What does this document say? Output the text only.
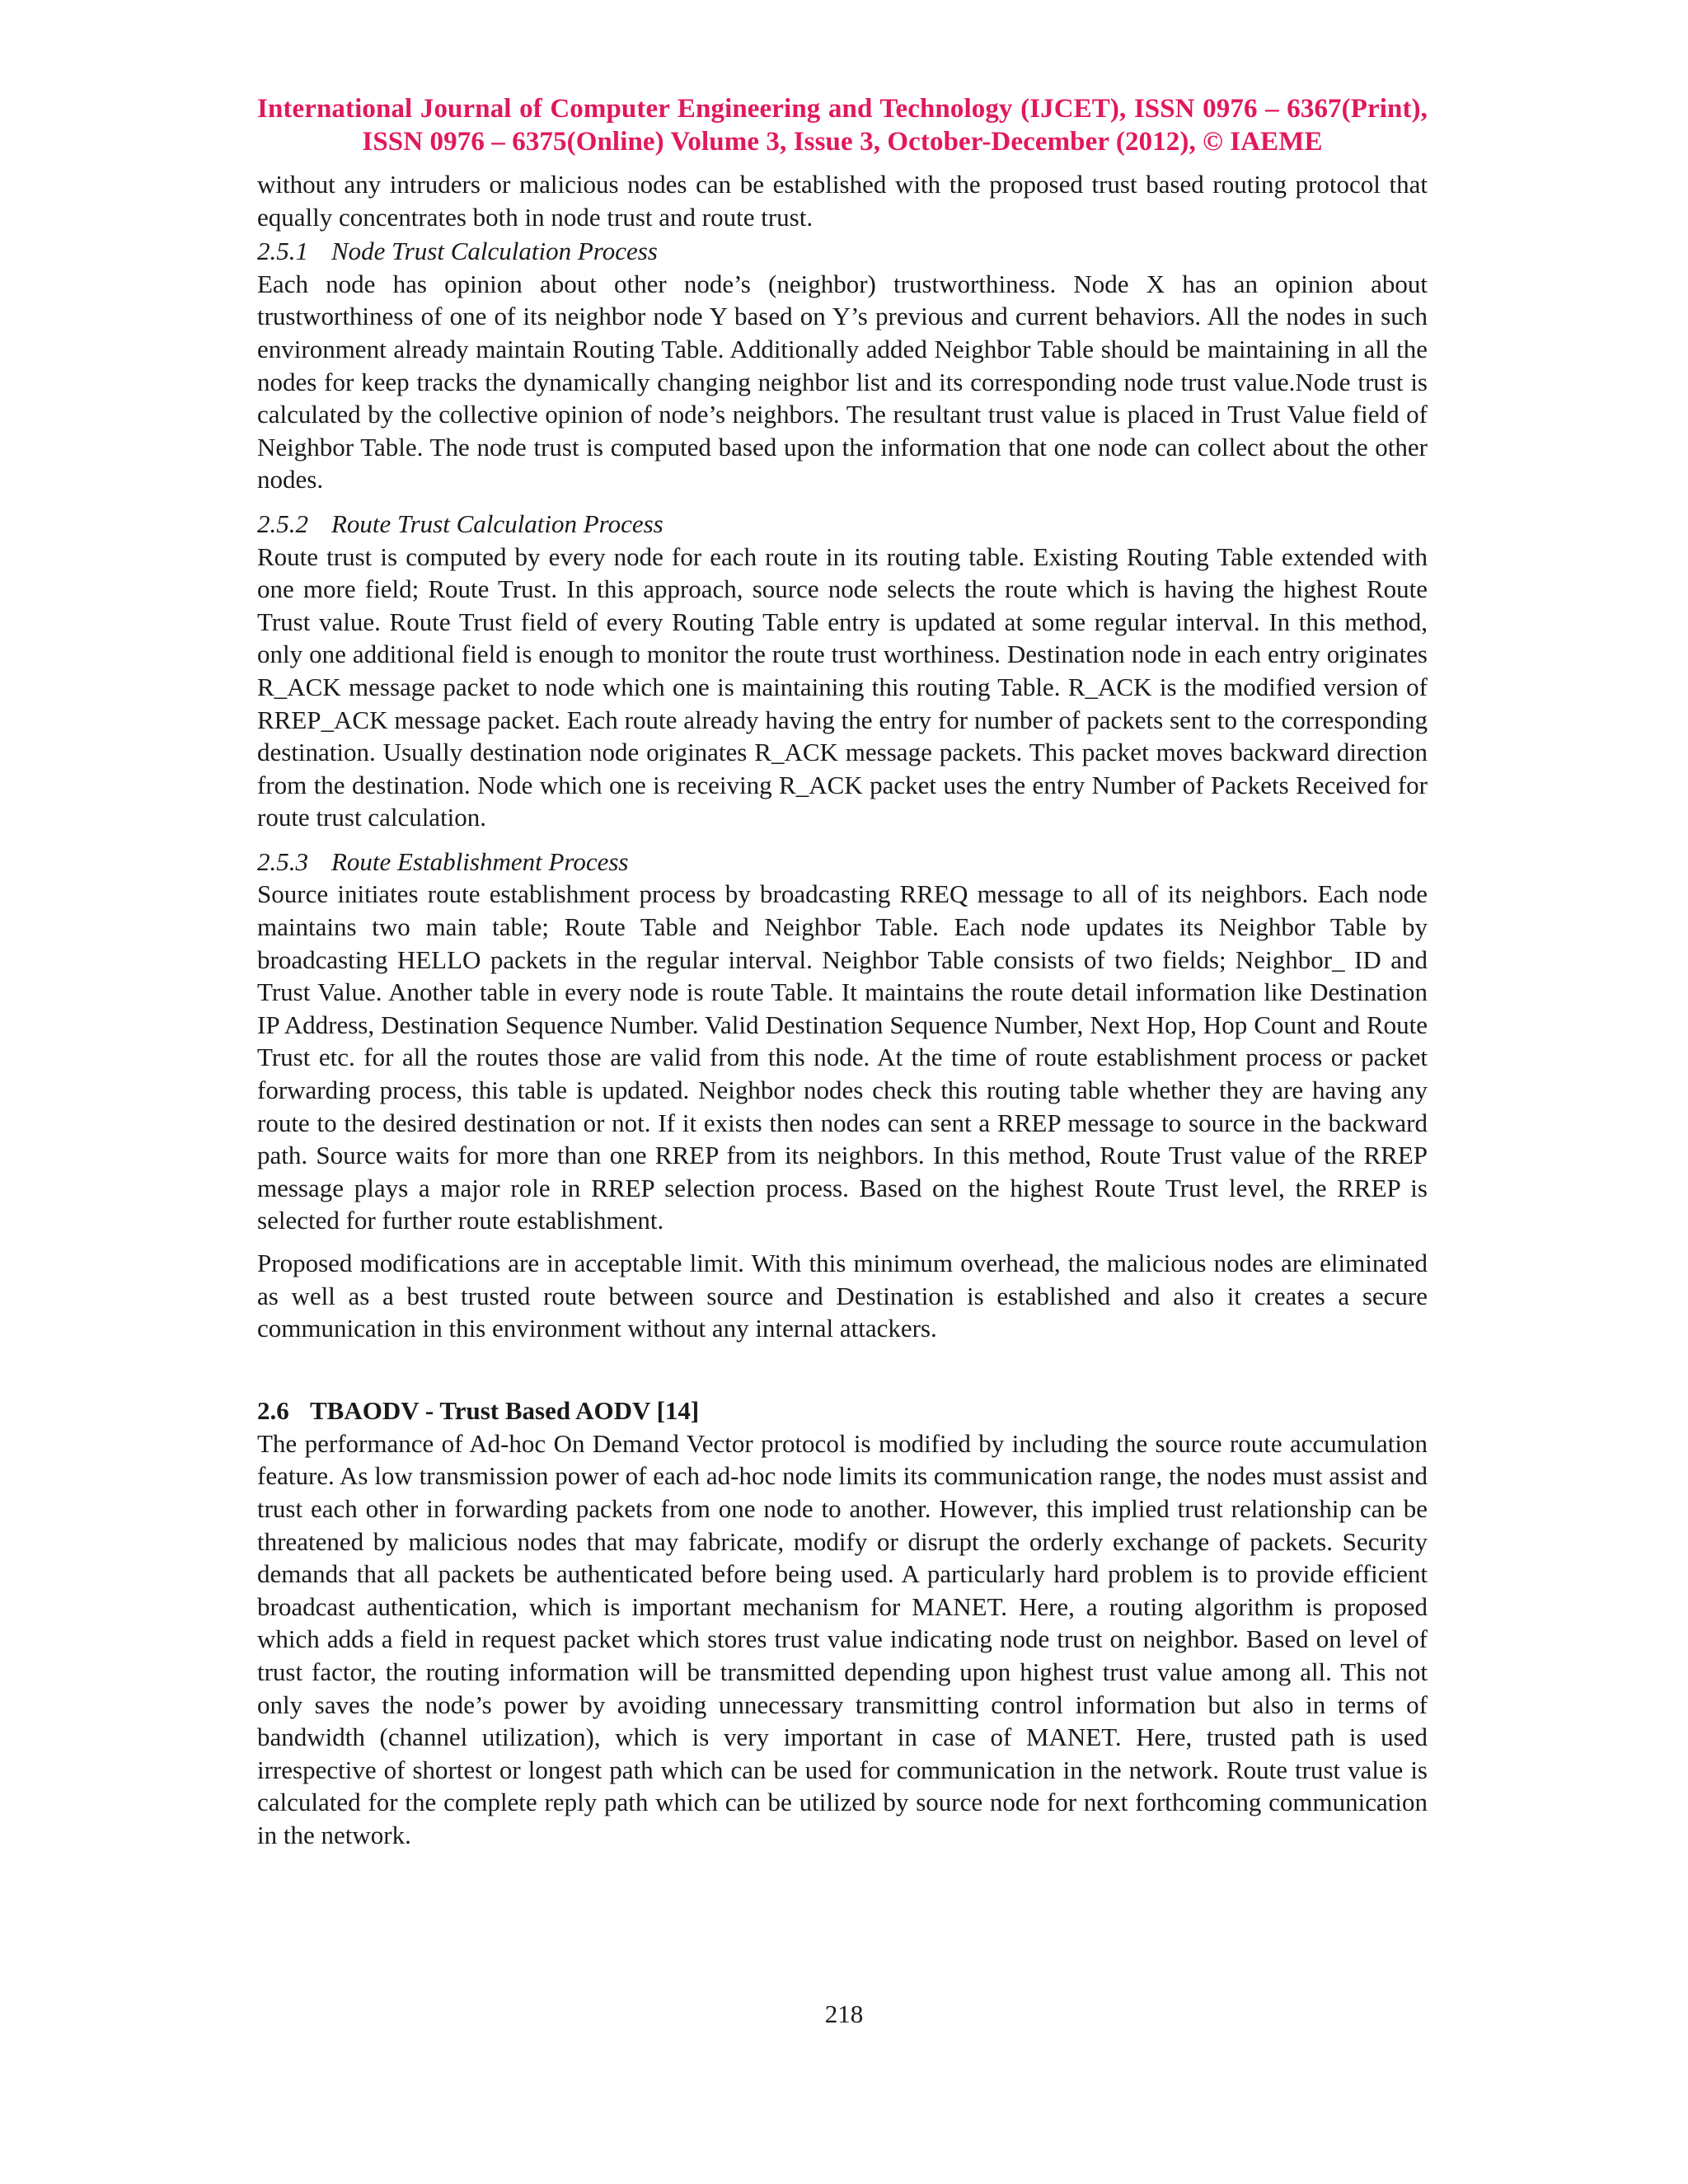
International Journal of Computer Engineering and Technology (IJCET), ISSN 0976 – 6367(Print), ISSN 0976 – 6375(Online) Volume 3, Issue 3, October-December (2012), © IAEME

without any intruders or malicious nodes can be established with the proposed trust based routing protocol that equally concentrates both in node trust and route trust.

2.5.1 Node Trust Calculation Process

Each node has opinion about other node’s (neighbor) trustworthiness. Node X has an opinion about trustworthiness of one of its neighbor node Y based on Y’s previous and current behaviors. All the nodes in such environment already maintain Routing Table. Additionally added Neighbor Table should be maintaining in all the nodes for keep tracks the dynamically changing neighbor list and its corresponding node trust value.Node trust is calculated by the collective opinion of node’s neighbors. The resultant trust value is placed in Trust Value field of Neighbor Table. The node trust is computed based upon the information that one node can collect about the other nodes.

2.5.2 Route Trust Calculation Process

Route trust is computed by every node for each route in its routing table. Existing Routing Table extended with one more field; Route Trust. In this approach, source node selects the route which is having the highest Route Trust value. Route Trust field of every Routing Table entry is updated at some regular interval. In this method, only one additional field is enough to monitor the route trust worthiness. Destination node in each entry originates R_ACK message packet to node which one is maintaining this routing Table. R_ACK is the modified version of RREP_ACK message packet. Each route already having the entry for number of packets sent to the corresponding destination. Usually destination node originates R_ACK message packets. This packet moves backward direction from the destination. Node which one is receiving R_ACK packet uses the entry Number of Packets Received for route trust calculation.

2.5.3 Route Establishment Process

Source initiates route establishment process by broadcasting RREQ message to all of its neighbors. Each node maintains two main table; Route Table and Neighbor Table. Each node updates its Neighbor Table by broadcasting HELLO packets in the regular interval. Neighbor Table consists of two fields; Neighbor_ ID and Trust Value. Another table in every node is route Table. It maintains the route detail information like Destination IP Address, Destination Sequence Number. Valid Destination Sequence Number, Next Hop, Hop Count and Route Trust etc. for all the routes those are valid from this node. At the time of route establishment process or packet forwarding process, this table is updated. Neighbor nodes check this routing table whether they are having any route to the desired destination or not. If it exists then nodes can sent a RREP message to source in the backward path. Source waits for more than one RREP from its neighbors. In this method, Route Trust value of the RREP message plays a major role in RREP selection process. Based on the highest Route Trust level, the RREP is selected for further route establishment.

Proposed modifications are in acceptable limit. With this minimum overhead, the malicious nodes are eliminated as well as a best trusted route between source and Destination is established and also it creates a secure communication in this environment without any internal attackers.

2.6 TBAODV - Trust Based AODV [14]

The performance of Ad-hoc On Demand Vector protocol is modified by including the source route accumulation feature. As low transmission power of each ad-hoc node limits its communication range, the nodes must assist and trust each other in forwarding packets from one node to another. However, this implied trust relationship can be threatened by malicious nodes that may fabricate, modify or disrupt the orderly exchange of packets. Security demands that all packets be authenticated before being used. A particularly hard problem is to provide efficient broadcast authentication, which is important mechanism for MANET. Here, a routing algorithm is proposed which adds a field in request packet which stores trust value indicating node trust on neighbor. Based on level of trust factor, the routing information will be transmitted depending upon highest trust value among all. This not only saves the node’s power by avoiding unnecessary transmitting control information but also in terms of bandwidth (channel utilization), which is very important in case of MANET. Here, trusted path is used irrespective of shortest or longest path which can be used for communication in the network. Route trust value is calculated for the complete reply path which can be utilized by source node for next forthcoming communication in the network.

218
